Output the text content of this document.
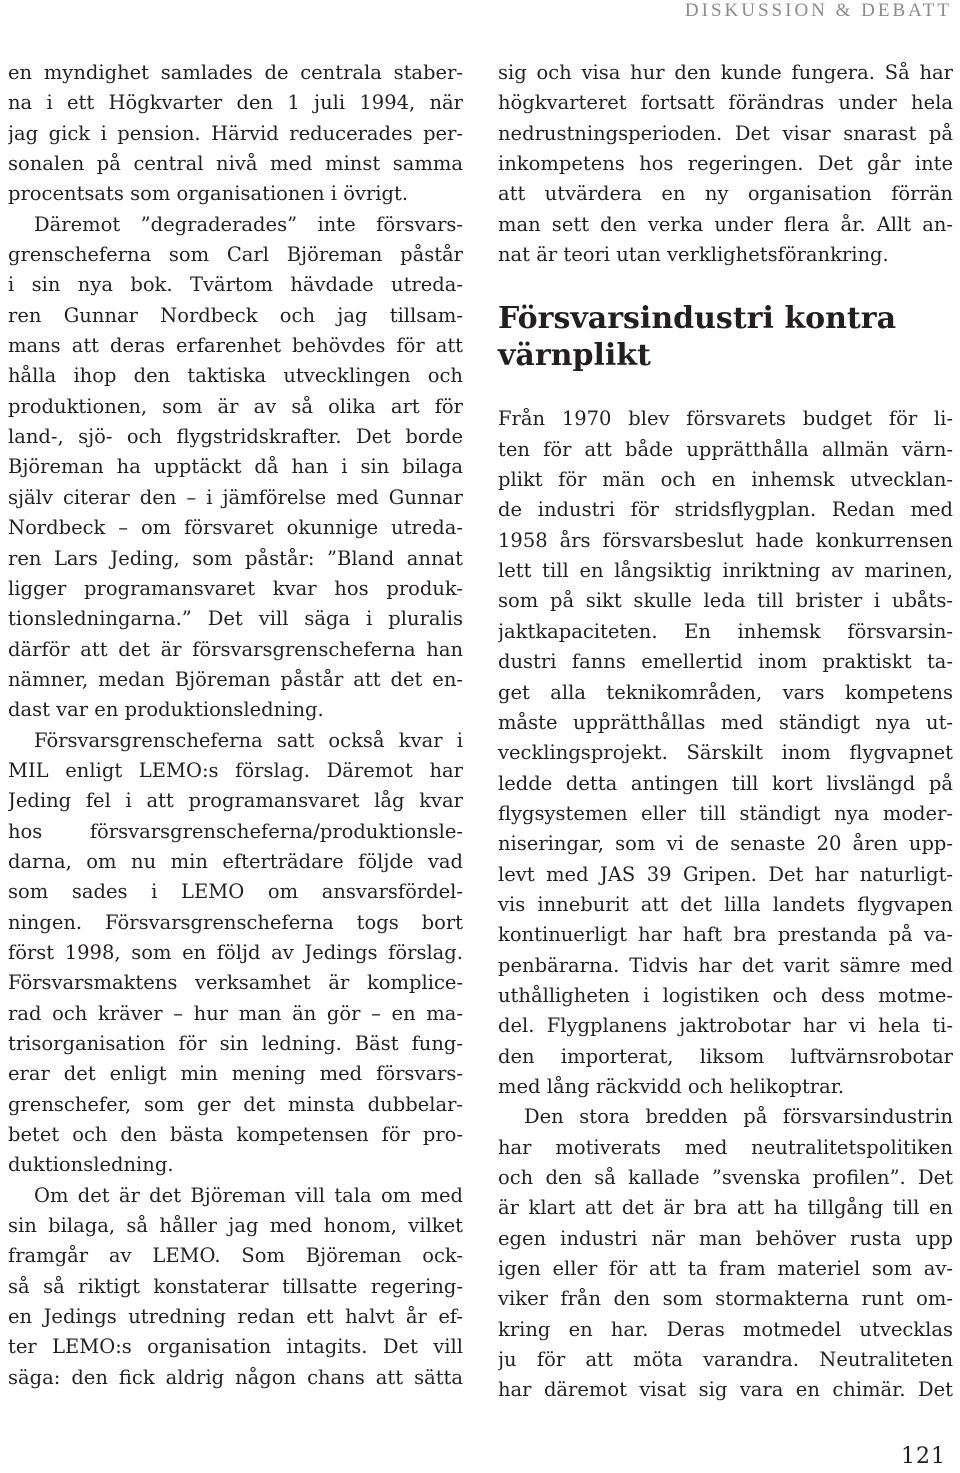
DISKUSSION & DEBATT
en myndighet samlades de centrala staber-
na i ett Högkvarter den 1 juli 1994, när
jag gick i pension. Härvid reducerades per-
sonalen på central nivå med minst samma
procentsats som organisationen i övrigt.
Däremot ”degraderades” inte försvars-
grenscheferna som Carl Björeman påstår
i sin nya bok. Tvärtom hävdade utreda-
ren Gunnar Nordbeck och jag tillsam-
mans att deras erfarenhet behövdes för att
hålla ihop den taktiska utvecklingen och
produktionen, som är av så olika art för
land-, sjö- och flygstridskrafter. Det borde
Björeman ha upptäckt då han i sin bilaga
själv citerar den – i jämförelse med Gunnar
Nordbeck – om försvaret okunnige utreda-
ren Lars Jeding, som påstår: ”Bland annat
ligger programansvaret kvar hos produk-
tionsledningarna.” Det vill säga i pluralis
därför att det är försvarsgrenscheferna han
nämner, medan Björeman påstår att det en-
dast var en produktionsledning.
Försvarsgrenscheferna satt också kvar i
MIL enligt LEMO:s förslag. Däremot har
Jeding fel i att programansvaret låg kvar
hos försvarsgrenscheferna/produktionsle-
darna, om nu min efterträdare följde vad
som sades i LEMO om ansvarsfördel-
ningen. Försvarsgrenscheferna togs bort
först 1998, som en följd av Jedings förslag.
Försvarsmaktens verksamhet är komplice-
rad och kräver – hur man än gör – en ma-
trisorganisation för sin ledning. Bäst fung-
erar det enligt min mening med försvars-
grenschefer, som ger det minsta dubbelar-
betet och den bästa kompetensen för pro-
duktionsledning.
Om det är det Björeman vill tala om med
sin bilaga, så håller jag med honom, vilket
framgår av LEMO. Som Björeman ock-
så så riktigt konstaterar tillsatte regering-
en Jedings utredning redan ett halvt år ef-
ter LEMO:s organisation intagits. Det vill
säga: den fick aldrig någon chans att sätta
sig och visa hur den kunde fungera. Så har
högkvarteret fortsatt förändras under hela
nedrustningsperioden. Det visar snarast på
inkompetens hos regeringen. Det går inte
att utvärdera en ny organisation förrän
man sett den verka under flera år. Allt an-
nat är teori utan verklighetsförankring.
Försvarsindustri kontra
värnplikt
Från 1970 blev försvarets budget för li-
ten för att både upprätthålla allmän värn-
plikt för män och en inhemsk utvecklan-
de industri för stridsflygplan. Redan med
1958 års försvarsbeslut hade konkurrensen
lett till en långsiktig inriktning av marinen,
som på sikt skulle leda till brister i ubåts-
jaktkapaciteten. En inhemsk försvarsin-
dustri fanns emellertid inom praktiskt ta-
get alla teknikområden, vars kompetens
måste upprätthållas med ständigt nya ut-
vecklingsprojekt. Särskilt inom flygvapnet
ledde detta antingen till kort livslängd på
flygsystemen eller till ständigt nya moder-
niseringar, som vi de senaste 20 åren upp-
levt med JAS 39 Gripen. Det har naturligt-
vis inneburit att det lilla landets flygvapen
kontinuerligt har haft bra prestanda på va-
penbärarna. Tidvis har det varit sämre med
uthålligheten i logistiken och dess motme-
del. Flygplanens jaktrobotar har vi hela ti-
den importerat, liksom luftvärnsrobotar
med lång räckvidd och helikoptrar.
Den stora bredden på försvarsindustrin
har motiverats med neutralitetspolitiken
och den så kallade ”svenska profilen”. Det
är klart att det är bra att ha tillgång till en
egen industri när man behöver rusta upp
igen eller för att ta fram materiel som av-
viker från den som stormakterna runt om-
kring en har. Deras motmedel utvecklas
ju för att möta varandra. Neutraliteten
har däremot visat sig vara en chimär. Det
121
